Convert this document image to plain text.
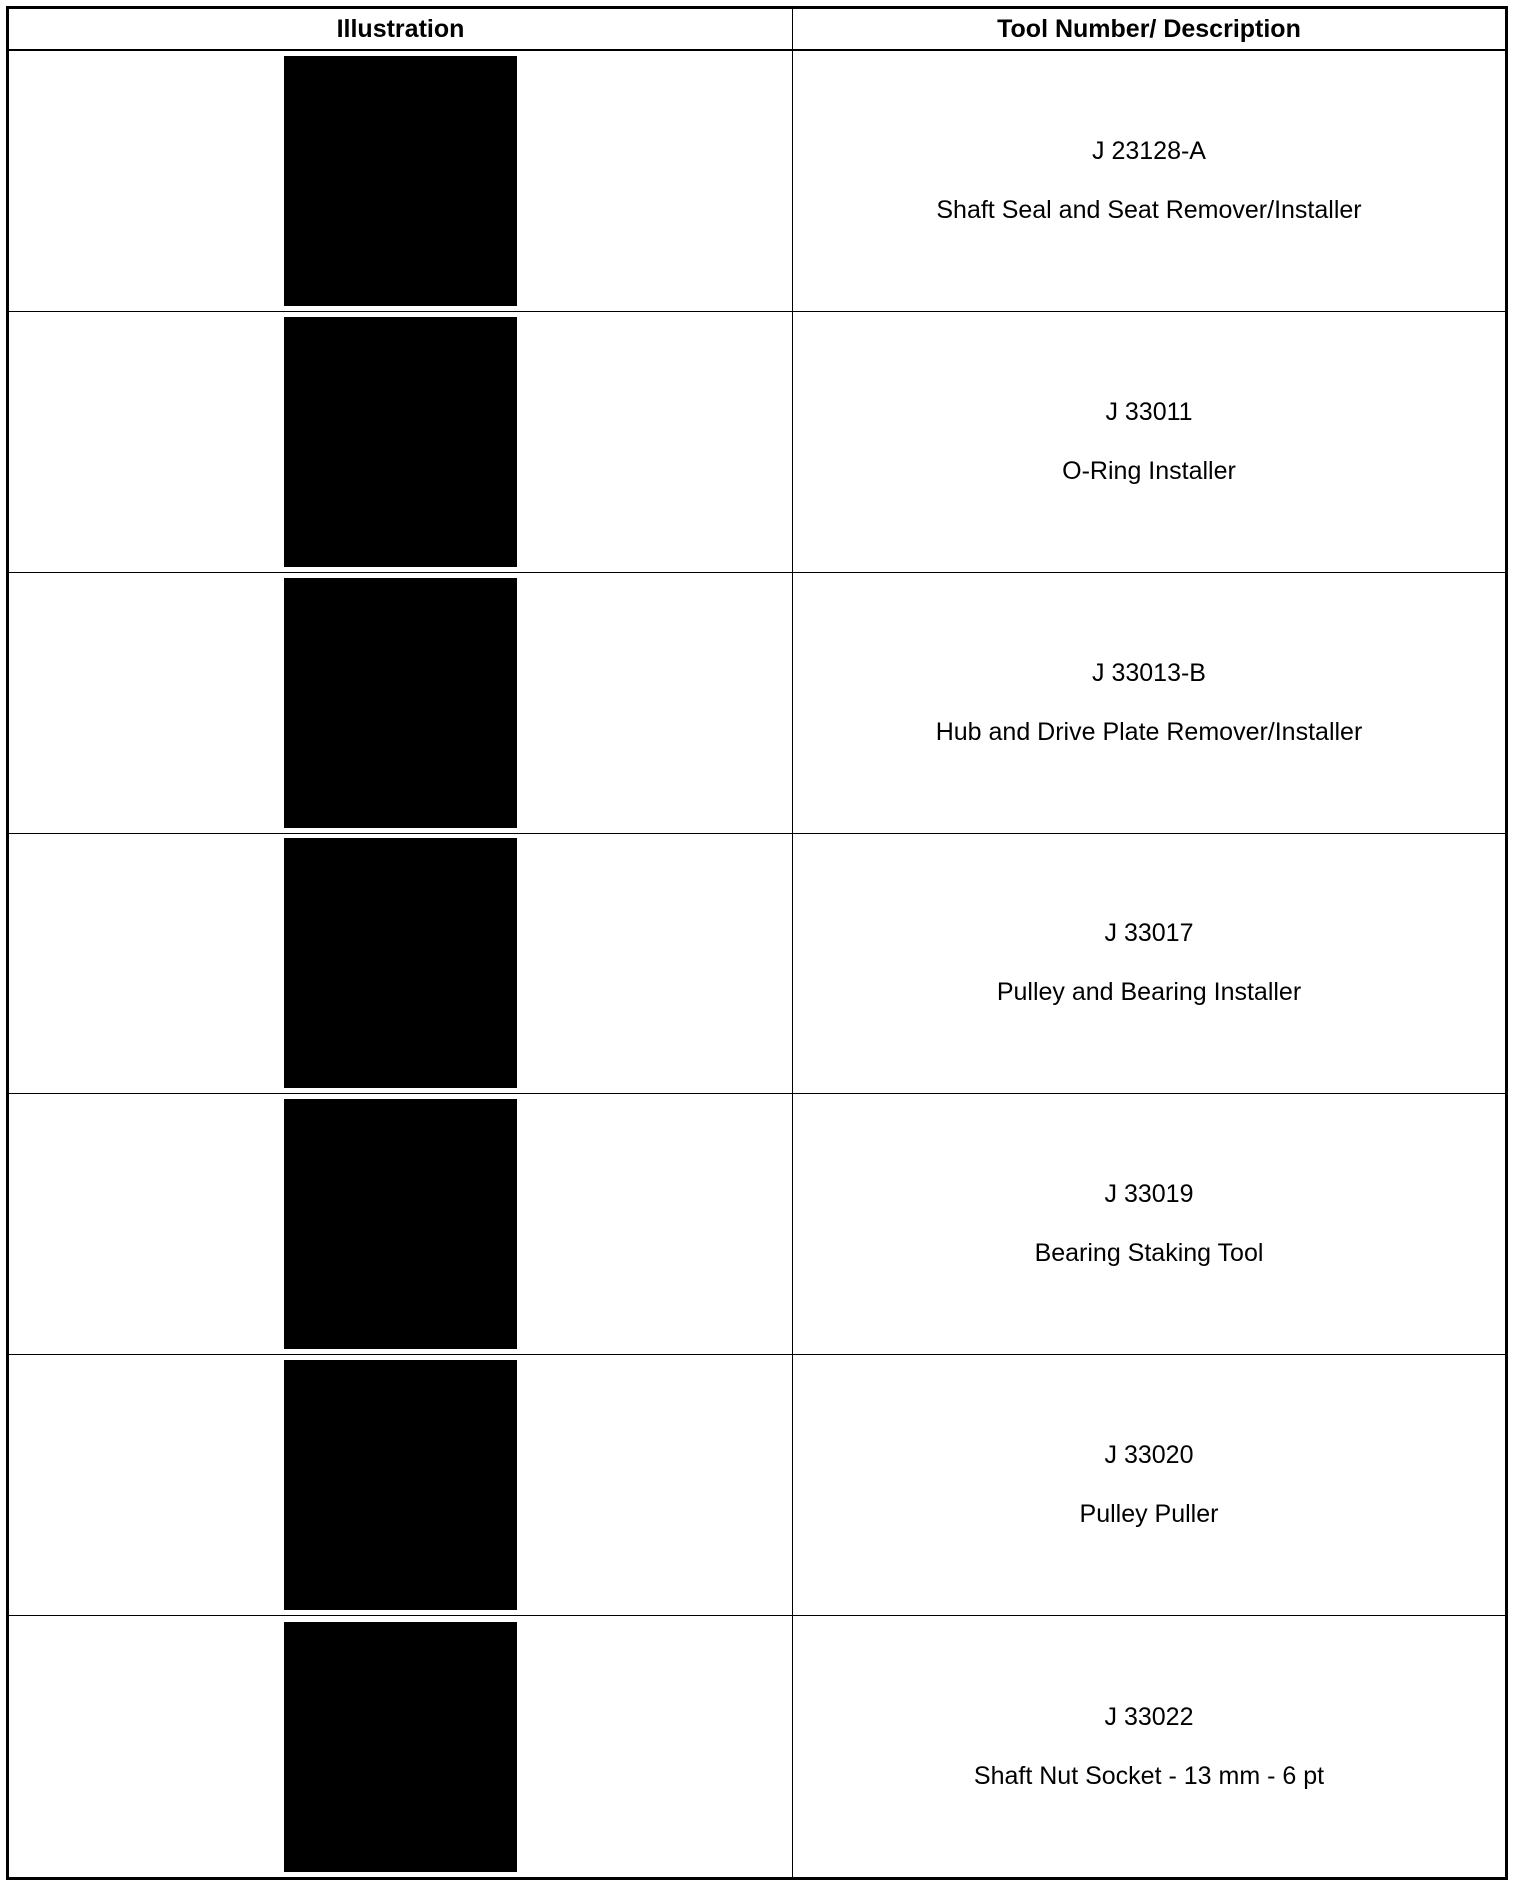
Illustration	Tool Number/ Description
J 23128-A
Shaft Seal and Seat Remover/Installer
J 33011
O-Ring Installer
J 33013-B
Hub and Drive Plate Remover/Installer
J 33017
Pulley and Bearing Installer
J 33019
Bearing Staking Tool
J 33020
Pulley Puller
J 33022
Shaft Nut Socket - 13 mm - 6 pt
